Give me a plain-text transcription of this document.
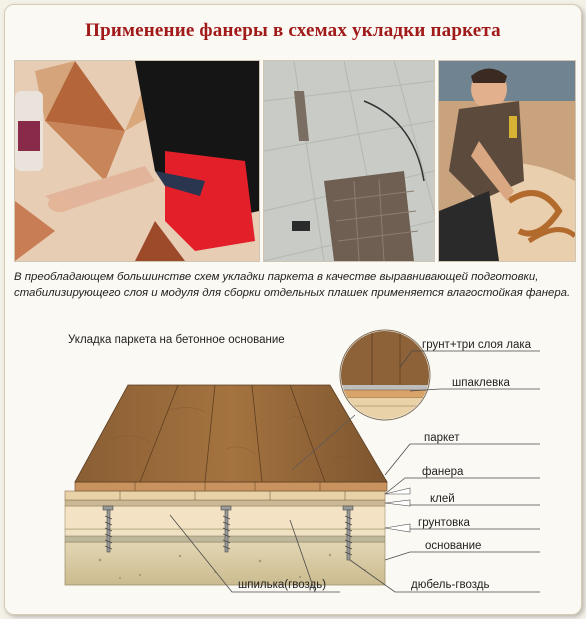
Применение фанеры в схемах укладки паркета
В преобладающем большинстве схем укладки паркета в качестве выравнивающей подготовки, стабилизирующего слоя и модуля для сборки отдельных плашек применяется влагостойкая фанера.
Укладка паркета на бетонное основание	грунт+три слоя лака
шпаклевка
паркет
фанера
клей
грунтовка
основание
шпилька(гвоздь)	дюбель-гвоздь
